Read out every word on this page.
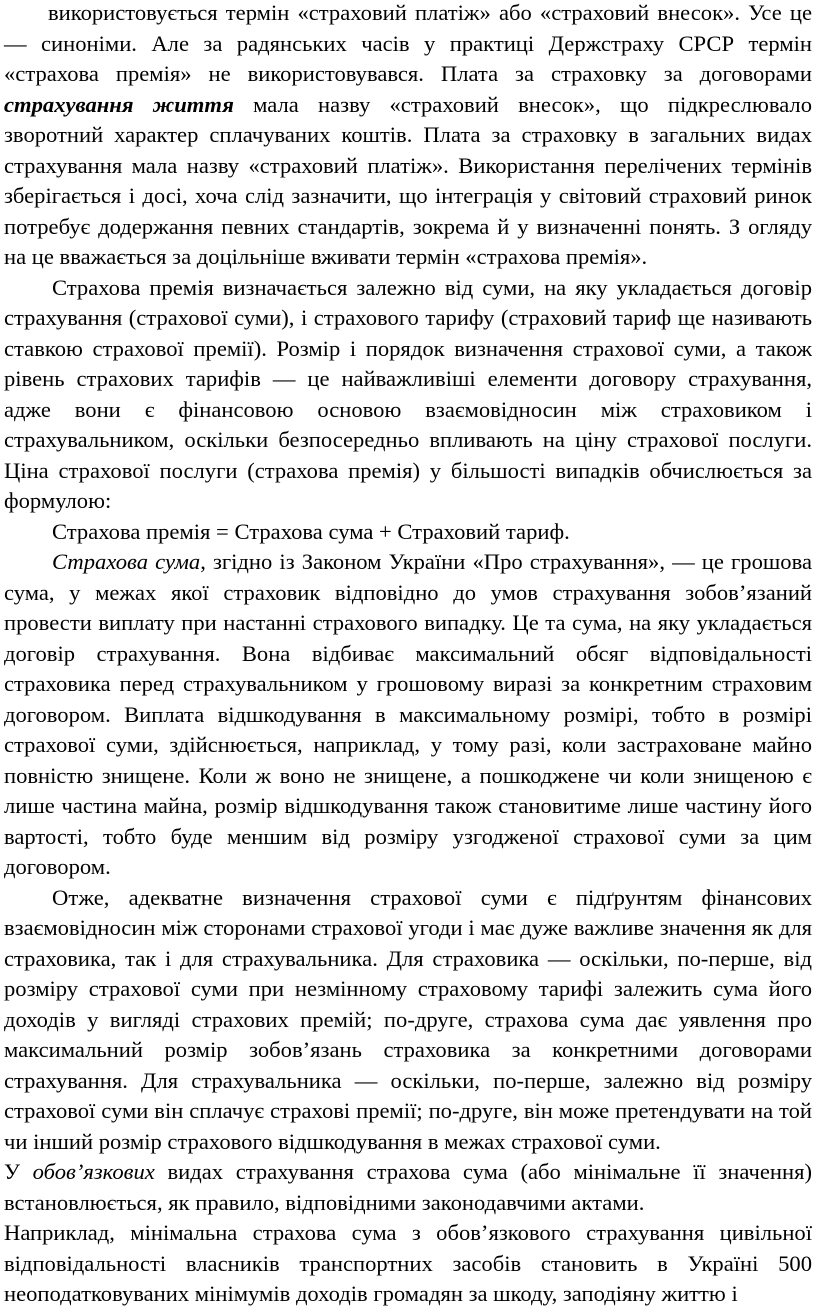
використовується термін «страховий платіж» або «страховий внесок». Усе це — синоніми. Але за радянських часів у практиці Держстраху СРСР термін «страхова премія» не використовувався. Плата за страховку за договорами страхування життя мала назву «страховий внесок», що підкреслювало зворотний характер сплачуваних коштів. Плата за страховку в загальних видах страхування мала назву «страховий платіж». Використання перелічених термінів зберігається і досі, хоча слід зазначити, що інтеграція у світовий страховий ринок потребує додержання певних стандартів, зокрема й у визначенні понять. З огляду на це вважається за доцільніше вживати термін «страхова премія».

Страхова премія визначається залежно від суми, на яку укладається договір страхування (страхової суми), і страхового тарифу (страховий тариф ще називають ставкою страхової премії). Розмір і порядок визначення страхової суми, а також рівень страхових тарифів — це найважливіші елементи договору страхування, адже вони є фінансовою основою взаємовідносин між страховиком і страхувальником, оскільки безпосередньо впливають на ціну страхової послуги. Ціна страхової послуги (страхова премія) у більшості випадків обчислюється за формулою:

Страхова премія = Страхова сума + Страховий тариф.

Страхова сума, згідно із Законом України «Про страхування», — це грошова сума, у межах якої страховик відповідно до умов страхування зобов’язаний провести виплату при настанні страхового випадку. Це та сума, на яку укладається договір страхування. Вона відбиває максимальний обсяг відповідальності страховика перед страхувальником у грошовому виразі за конкретним страховим договором. Виплата відшкодування в максимальному розмірі, тобто в розмірі страхової суми, здійснюється, наприклад, у тому разі, коли застраховане майно повністю знищене. Коли ж воно не знищене, а пошкоджене чи коли знищеною є лише частина майна, розмір відшкодування також становитиме лише частину його вартості, тобто буде меншим від розміру узгодженої страхової суми за цим договором.

Отже, адекватне визначення страхової суми є підґрунтям фінансових взаємовідносин між сторонами страхової угоди і має дуже важливе значення як для страховика, так і для страхувальника. Для страховика — оскільки, по-перше, від розміру страхової суми при незмінному страховому тарифі залежить сума його доходів у вигляді страхових премій; по-друге, страхова сума дає уявлення про максимальний розмір зобов’язань страховика за конкретними договорами страхування. Для страхувальника — оскільки, по-перше, залежно від розміру страхової суми він сплачує страхові премії; по-друге, він може претендувати на той чи інший розмір страхового відшкодування в межах страхової суми.

У обов’язкових видах страхування страхова сума (або мінімальне її значення) встановлюється, як правило, відповідними законодавчими актами.

Наприклад, мінімальна страхова сума з обов’язкового страхування цивільної відповідальності власників транспортних засобів становить в Україні 500 неоподатковуваних мінімумів доходів громадян за шкоду, заподіяну життю і
